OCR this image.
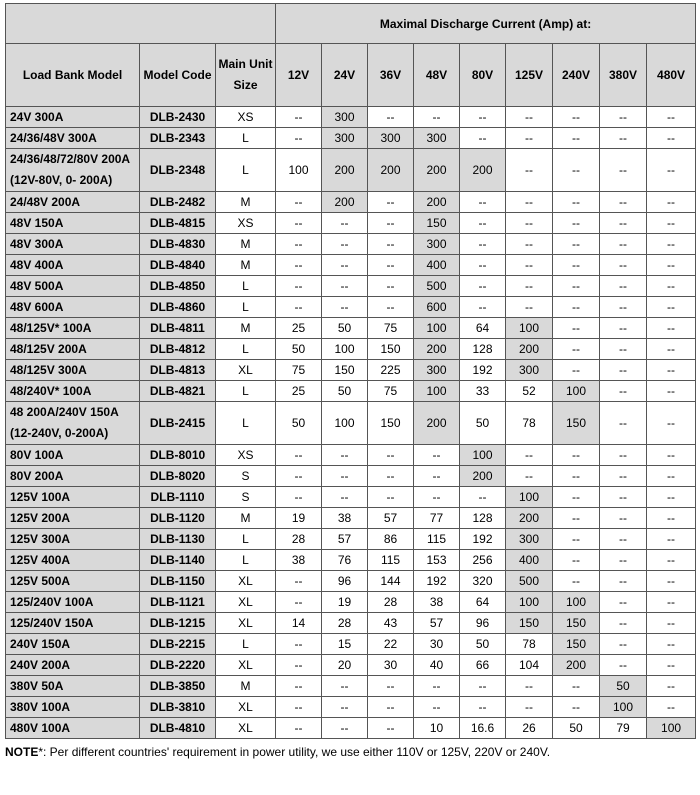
			Maximal Discharge Current (Amp) at:								
Load Bank Model	Model Code	Main Unit Size	12V	24V	36V	48V	80V	125V	240V	380V	480V
24V 300A	DLB-2430	XS	--	300	--	--	--	--	--	--	--
24/36/48V 300A	DLB-2343	L	--	300	300	300	--	--	--	--	--
24/36/48/72/80V 200A (12V-80V, 0- 200A)	DLB-2348	L	100	200	200	200	200	--	--	--	--
24/48V 200A	DLB-2482	M	--	200	--	200	--	--	--	--	--
48V 150A	DLB-4815	XS	--	--	--	150	--	--	--	--	--
48V 300A	DLB-4830	M	--	--	--	300	--	--	--	--	--
48V 400A	DLB-4840	M	--	--	--	400	--	--	--	--	--
48V 500A	DLB-4850	L	--	--	--	500	--	--	--	--	--
48V 600A	DLB-4860	L	--	--	--	600	--	--	--	--	--
48/125V* 100A	DLB-4811	M	25	50	75	100	64	100	--	--	--
48/125V 200A	DLB-4812	L	50	100	150	200	128	200	--	--	--
48/125V 300A	DLB-4813	XL	75	150	225	300	192	300	--	--	--
48/240V* 100A	DLB-4821	L	25	50	75	100	33	52	100	--	--
48 200A/240V 150A (12-240V, 0-200A)	DLB-2415	L	50	100	150	200	50	78	150	--	--
80V 100A	DLB-8010	XS	--	--	--	--	100	--	--	--	--
80V 200A	DLB-8020	S	--	--	--	--	200	--	--	--	--
125V 100A	DLB-1110	S	--	--	--	--	--	100	--	--	--
125V 200A	DLB-1120	M	19	38	57	77	128	200	--	--	--
125V 300A	DLB-1130	L	28	57	86	115	192	300	--	--	--
125V 400A	DLB-1140	L	38	76	115	153	256	400	--	--	--
125V 500A	DLB-1150	XL	--	96	144	192	320	500	--	--	--
125/240V 100A	DLB-1121	XL	--	19	28	38	64	100	100	--	--
125/240V 150A	DLB-1215	XL	14	28	43	57	96	150	150	--	--
240V 150A	DLB-2215	L	--	15	22	30	50	78	150	--	--
240V 200A	DLB-2220	XL	--	20	30	40	66	104	200	--	--
380V 50A	DLB-3850	M	--	--	--	--	--	--	--	50	--
380V 100A	DLB-3810	XL	--	--	--	--	--	--	--	100	--
480V 100A	DLB-4810	XL	--	--	--	10	16.6	26	50	79	100
NOTE*: Per different countries' requirement in power utility, we use either 110V or 125V, 220V or 240V.
